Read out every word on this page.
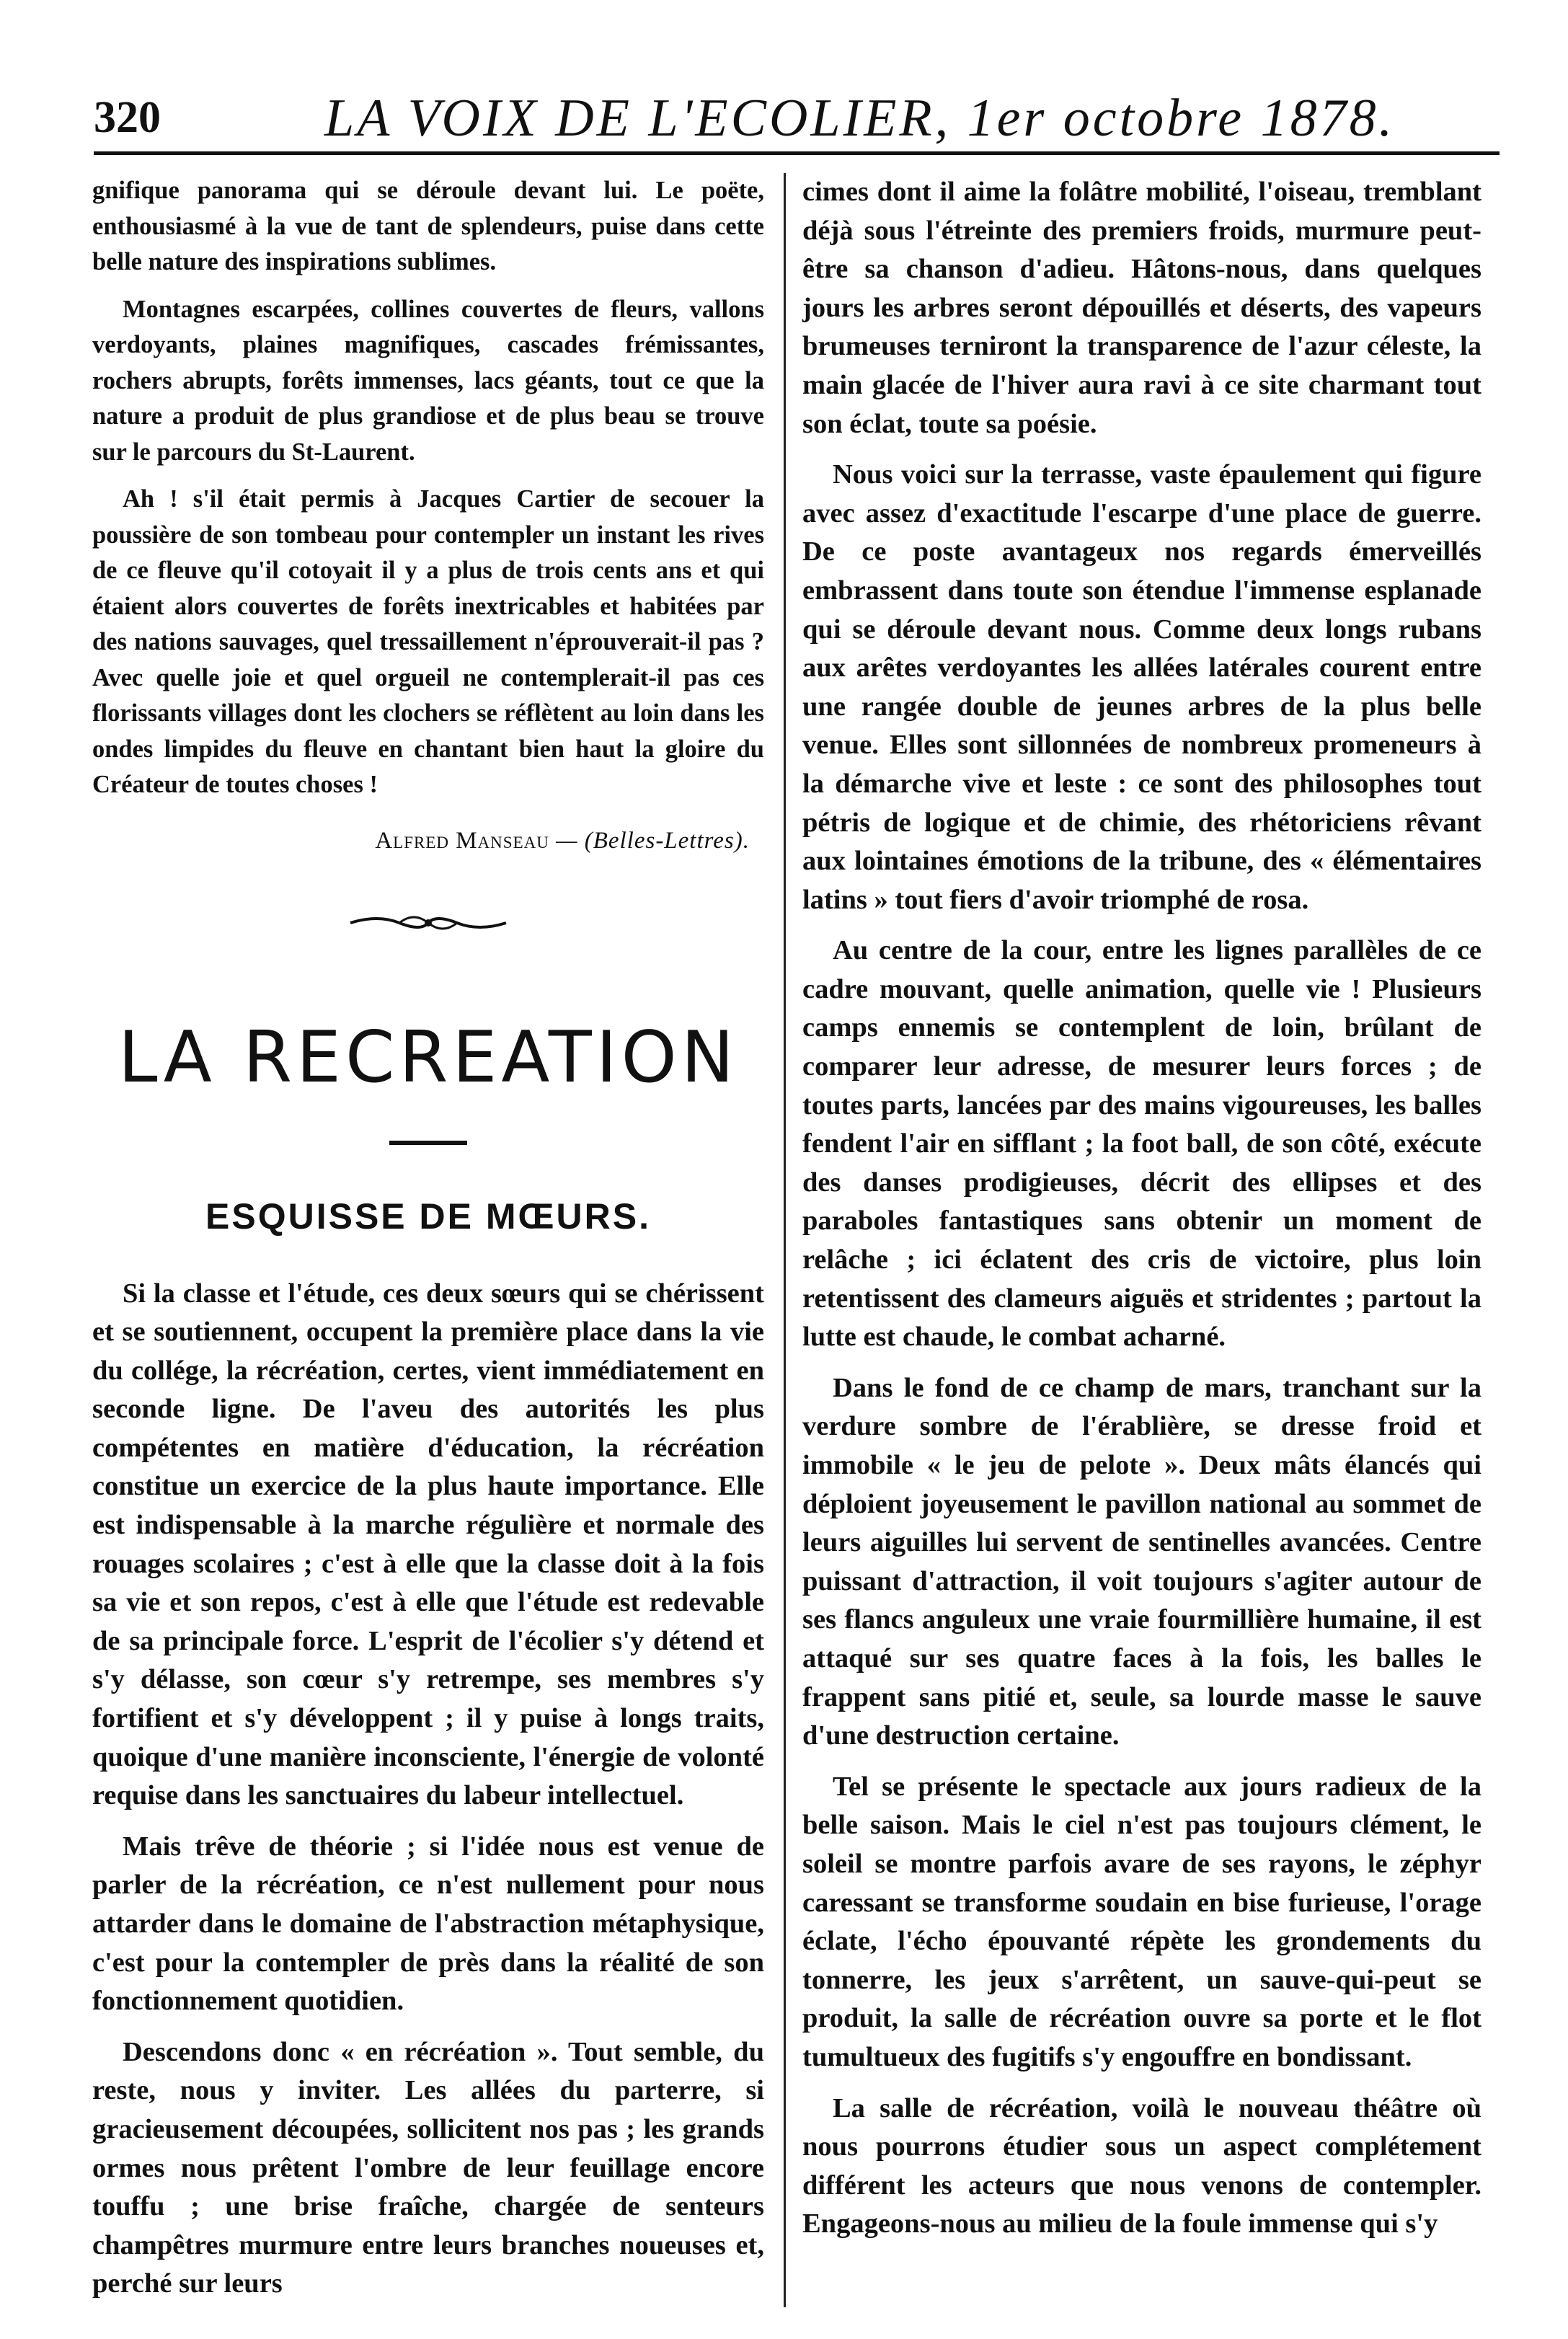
320	LA VOIX DE L'ECOLIER, 1er octobre 1878.

gnifique panorama qui se déroule devant lui. Le poëte, enthousiasmé à la vue de tant de splendeurs, puise dans cette belle nature des inspirations sublimes.

Montagnes escarpées, collines couvertes de fleurs, vallons verdoyants, plaines magnifiques, cascades frémissantes, rochers abrupts, forêts immenses, lacs géants, tout ce que la nature a produit de plus grandiose et de plus beau se trouve sur le parcours du St-Laurent.

Ah ! s'il était permis à Jacques Cartier de secouer la poussière de son tombeau pour contempler un instant les rives de ce fleuve qu'il cotoyait il y a plus de trois cents ans et qui étaient alors couvertes de forêts inextricables et habitées par des nations sauvages, quel tressaillement n'éprouverait-il pas ? Avec quelle joie et quel orgueil ne contemplerait-il pas ces florissants villages dont les clochers se réflètent au loin dans les ondes limpides du fleuve en chantant bien haut la gloire du Créateur de toutes choses !

Alfred Manseau — (Belles-Lettres).
LA RECREATION
ESQUISSE DE MŒURS.

Si la classe et l'étude, ces deux sœurs qui se chérissent et se soutiennent, occupent la première place dans la vie du collége, la récréation, certes, vient immédiatement en seconde ligne. De l'aveu des autorités les plus compétentes en matière d'éducation, la récréation constitue un exercice de la plus haute importance. Elle est indispensable à la marche régulière et normale des rouages scolaires ; c'est à elle que la classe doit à la fois sa vie et son repos, c'est à elle que l'étude est redevable de sa principale force. L'esprit de l'écolier s'y détend et s'y délasse, son cœur s'y retrempe, ses membres s'y fortifient et s'y développent ; il y puise à longs traits, quoique d'une manière inconsciente, l'énergie de volonté requise dans les sanctuaires du labeur intellectuel.

Mais trêve de théorie ; si l'idée nous est venue de parler de la récréation, ce n'est nullement pour nous attarder dans le domaine de l'abstraction métaphysique, c'est pour la contempler de près dans la réalité de son fonctionnement quotidien.

Descendons donc « en récréation ». Tout semble, du reste, nous y inviter. Les allées du parterre, si gracieusement découpées, sollicitent nos pas ; les grands ormes nous prêtent l'ombre de leur feuillage encore touffu ; une brise fraîche, chargée de senteurs champêtres murmure entre leurs branches noueuses et, perché sur leurs

cimes dont il aime la folâtre mobilité, l'oiseau, tremblant déjà sous l'étreinte des premiers froids, murmure peut-être sa chanson d'adieu. Hâtons-nous, dans quelques jours les arbres seront dépouillés et déserts, des vapeurs brumeuses terniront la transparence de l'azur céleste, la main glacée de l'hiver aura ravi à ce site charmant tout son éclat, toute sa poésie.

Nous voici sur la terrasse, vaste épaulement qui figure avec assez d'exactitude l'escarpe d'une place de guerre. De ce poste avantageux nos regards émerveillés embrassent dans toute son étendue l'immense esplanade qui se déroule devant nous. Comme deux longs rubans aux arêtes verdoyantes les allées latérales courent entre une rangée double de jeunes arbres de la plus belle venue. Elles sont sillonnées de nombreux promeneurs à la démarche vive et leste : ce sont des philosophes tout pétris de logique et de chimie, des rhétoriciens rêvant aux lointaines émotions de la tribune, des « élémentaires latins » tout fiers d'avoir triomphé de rosa.

Au centre de la cour, entre les lignes parallèles de ce cadre mouvant, quelle animation, quelle vie ! Plusieurs camps ennemis se contemplent de loin, brûlant de comparer leur adresse, de mesurer leurs forces ; de toutes parts, lancées par des mains vigoureuses, les balles fendent l'air en sifflant ; la foot ball, de son côté, exécute des danses prodigieuses, décrit des ellipses et des paraboles fantastiques sans obtenir un moment de relâche ; ici éclatent des cris de victoire, plus loin retentissent des clameurs aiguës et stridentes ; partout la lutte est chaude, le combat acharné.

Dans le fond de ce champ de mars, tranchant sur la verdure sombre de l'érablière, se dresse froid et immobile « le jeu de pelote ». Deux mâts élancés qui déploient joyeusement le pavillon national au sommet de leurs aiguilles lui servent de sentinelles avancées. Centre puissant d'attraction, il voit toujours s'agiter autour de ses flancs anguleux une vraie fourmillière humaine, il est attaqué sur ses quatre faces à la fois, les balles le frappent sans pitié et, seule, sa lourde masse le sauve d'une destruction certaine.

Tel se présente le spectacle aux jours radieux de la belle saison. Mais le ciel n'est pas toujours clément, le soleil se montre parfois avare de ses rayons, le zéphyr caressant se transforme soudain en bise furieuse, l'orage éclate, l'écho épouvanté répète les grondements du tonnerre, les jeux s'arrêtent, un sauve-qui-peut se produit, la salle de récréation ouvre sa porte et le flot tumultueux des fugitifs s'y engouffre en bondissant.

La salle de récréation, voilà le nouveau théâtre où nous pourrons étudier sous un aspect complétement différent les acteurs que nous venons de contempler. Engageons-nous au milieu de la foule immense qui s'y
